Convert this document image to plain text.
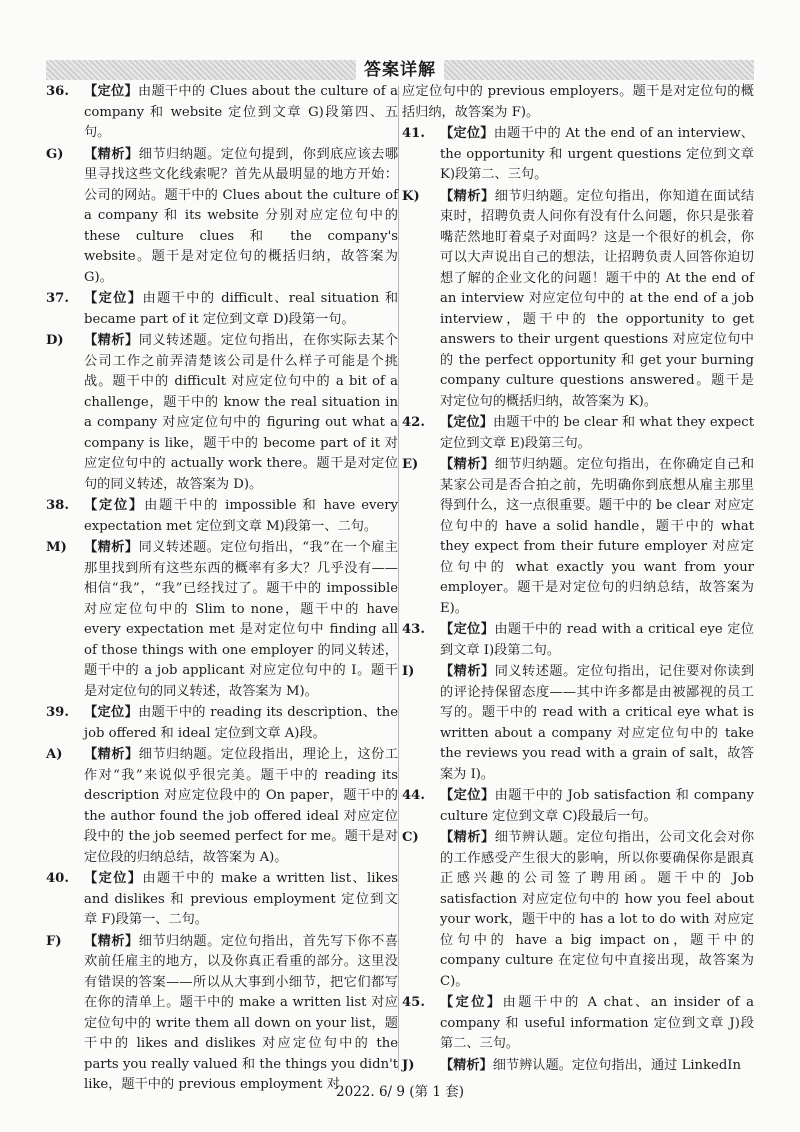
答案详解
36.	【定位】由题干中的 Clues about the culture of a company 和 website 定位到文章 G)段第四、五句。
G)	【精析】细节归纳题。定位句提到，你到底应该去哪里寻找这些文化线索呢？首先从最明显的地方开始：公司的网站。题干中的 Clues about the culture of a company 和 its website 分别对应定位句中的 these culture clues 和 the company's website。题干是对定位句的概括归纳，故答案为 G)。
37.	【定位】由题干中的 difficult、real situation 和 became part of it 定位到文章 D)段第一句。
D)	【精析】同义转述题。定位句指出，在你实际去某个公司工作之前弄清楚该公司是什么样子可能是个挑战。题干中的 difficult 对应定位句中的 a bit of a challenge，题干中的 know the real situation in a company 对应定位句中的 figuring out what a company is like，题干中的 become part of it 对应定位句中的 actually work there。题干是对定位句的同义转述，故答案为 D)。
38.	【定位】由题干中的 impossible 和 have every expectation met 定位到文章 M)段第一、二句。
M)	【精析】同义转述题。定位句指出，“我”在一个雇主那里找到所有这些东西的概率有多大？几乎没有——相信“我”，“我”已经找过了。题干中的 impossible 对应定位句中的 Slim to none，题干中的 have every expectation met 是对定位句中 finding all of those things with one employer 的同义转述，题干中的 a job applicant 对应定位句中的 I。题干是对定位句的同义转述，故答案为 M)。
39.	【定位】由题干中的 reading its description、the job offered 和 ideal 定位到文章 A)段。
A)	【精析】细节归纳题。定位段指出，理论上，这份工作对“我”来说似乎很完美。题干中的 reading its description 对应定位段中的 On paper，题干中的 the author found the job offered ideal 对应定位段中的 the job seemed perfect for me。题干是对定位段的归纳总结，故答案为 A)。
40.	【定位】由题干中的 make a written list、likes and dislikes 和 previous employment 定位到文章 F)段第一、二句。
F)	【精析】细节归纳题。定位句指出，首先写下你不喜欢前任雇主的地方，以及你真正看重的部分。这里没有错误的答案——所以从大事到小细节，把它们都写在你的清单上。题干中的 make a written list 对应定位句中的 write them all down on your list，题干中的 likes and dislikes 对应定位句中的 the parts you really valued 和 the things you didn't like，题干中的 previous employment 对
应定位句中的 previous employers。题干是对定位句的概括归纳，故答案为 F)。
41.	【定位】由题干中的 At the end of an interview、the opportunity 和 urgent questions 定位到文章 K)段第二、三句。
K)	【精析】细节归纳题。定位句指出，你知道在面试结束时，招聘负责人问你有没有什么问题，你只是张着嘴茫然地盯着桌子对面吗？这是一个很好的机会，你可以大声说出自己的想法，让招聘负责人回答你迫切想了解的企业文化的问题！题干中的 At the end of an interview 对应定位句中的 at the end of a job interview，题干中的 the opportunity to get answers to their urgent questions 对应定位句中的 the perfect opportunity 和 get your burning company culture questions answered。题干是对定位句的概括归纳，故答案为 K)。
42.	【定位】由题干中的 be clear 和 what they expect 定位到文章 E)段第三句。
E)	【精析】细节归纳题。定位句指出，在你确定自己和某家公司是否合拍之前，先明确你到底想从雇主那里得到什么，这一点很重要。题干中的 be clear 对应定位句中的 have a solid handle，题干中的 what they expect from their future employer 对应定位句中的 what exactly you want from your employer。题干是对定位句的归纳总结，故答案为 E)。
43.	【定位】由题干中的 read with a critical eye 定位到文章 I)段第二句。
I)	【精析】同义转述题。定位句指出，记住要对你读到的评论持保留态度——其中许多都是由被鄙视的员工写的。题干中的 read with a critical eye what is written about a company 对应定位句中的 take the reviews you read with a grain of salt，故答案为 I)。
44.	【定位】由题干中的 Job satisfaction 和 company culture 定位到文章 C)段最后一句。
C)	【精析】细节辨认题。定位句指出，公司文化会对你的工作感受产生很大的影响，所以你要确保你是跟真正感兴趣的公司签了聘用函。题干中的 Job satisfaction 对应定位句中的 how you feel about your work，题干中的 has a lot to do with 对应定位句中的 have a big impact on，题干中的 company culture 在定位句中直接出现，故答案为 C)。
45.	【定位】由题干中的 A chat、an insider of a company 和 useful information 定位到文章 J)段第二、三句。
J)	【精析】细节辨认题。定位句指出，通过 LinkedIn
2022. 6/ 9 (第 1 套)
